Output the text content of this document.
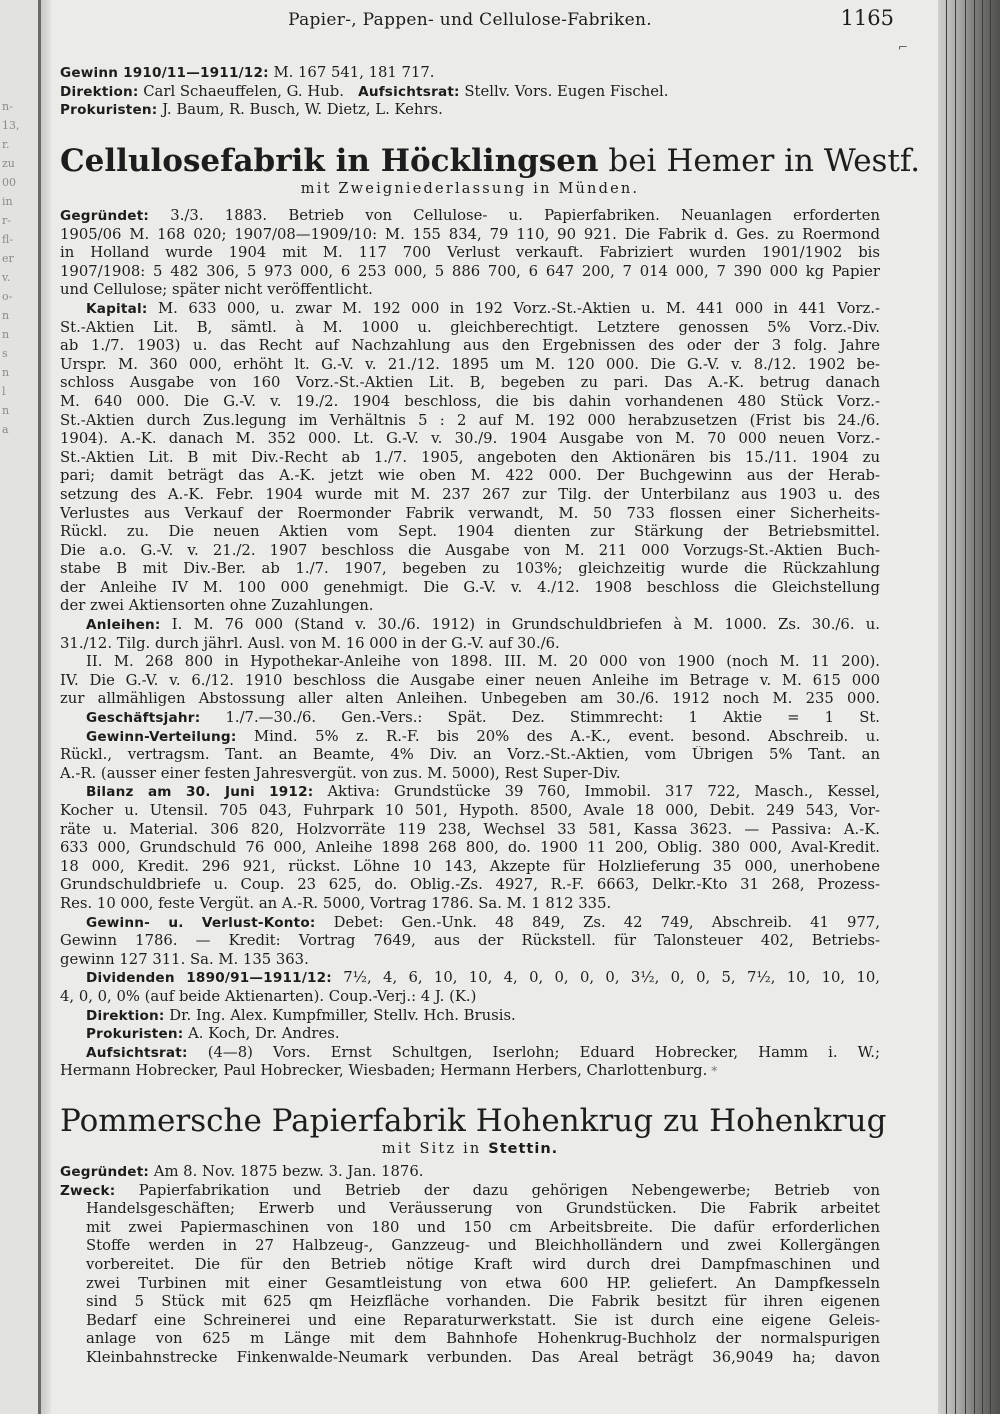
n-
13,
r.
zu
00
in
r-
fl-
er
v.
o-
n
n
s
n
l
n
a
Papier-, Pappen- und Cellulose-Fabriken.	1165
⌐

Gewinn 1910/11—1911/12: M. 167 541, 181 717.

Direktion: Carl Schaeuffelen, G. Hub. Aufsichtsrat: Stellv. Vors. Eugen Fischel.

Prokuristen: J. Baum, R. Busch, W. Dietz, L. Kehrs.

Cellulosefabrik in Höcklingsen bei Hemer in Westf.

mit Zweigniederlassung in Münden.

Gegründet: 3./3. 1883. Betrieb von Cellulose- u. Papierfabriken. Neuanlagen erforderten

1905/06 M. 168 020; 1907/08—1909/10: M. 155 834, 79 110, 90 921. Die Fabrik d. Ges. zu Roermond

in Holland wurde 1904 mit M. 117 700 Verlust verkauft. Fabriziert wurden 1901/1902 bis

1907/1908: 5 482 306, 5 973 000, 6 253 000, 5 886 700, 6 647 200, 7 014 000, 7 390 000 kg Papier

und Cellulose; später nicht veröffentlicht.

Kapital: M. 633 000, u. zwar M. 192 000 in 192 Vorz.-St.-Aktien u. M. 441 000 in 441 Vorz.-

St.-Aktien Lit. B, sämtl. à M. 1000 u. gleichberechtigt. Letztere genossen 5% Vorz.-Div.

ab 1./7. 1903) u. das Recht auf Nachzahlung aus den Ergebnissen des oder der 3 folg. Jahre

Urspr. M. 360 000, erhöht lt. G.-V. v. 21./12. 1895 um M. 120 000. Die G.-V. v. 8./12. 1902 be-

schloss Ausgabe von 160 Vorz.-St.-Aktien Lit. B, begeben zu pari. Das A.-K. betrug danach

M. 640 000. Die G.-V. v. 19./2. 1904 beschloss, die bis dahin vorhandenen 480 Stück Vorz.-

St.-Aktien durch Zus.legung im Verhältnis 5 : 2 auf M. 192 000 herabzusetzen (Frist bis 24./6.

1904). A.-K. danach M. 352 000. Lt. G.-V. v. 30./9. 1904 Ausgabe von M. 70 000 neuen Vorz.-

St.-Aktien Lit. B mit Div.-Recht ab 1./7. 1905, angeboten den Aktionären bis 15./11. 1904 zu

pari; damit beträgt das A.-K. jetzt wie oben M. 422 000. Der Buchgewinn aus der Herab-

setzung des A.-K. Febr. 1904 wurde mit M. 237 267 zur Tilg. der Unterbilanz aus 1903 u. des

Verlustes aus Verkauf der Roermonder Fabrik verwandt, M. 50 733 flossen einer Sicherheits-

Rückl. zu. Die neuen Aktien vom Sept. 1904 dienten zur Stärkung der Betriebsmittel.

Die a.o. G.-V. v. 21./2. 1907 beschloss die Ausgabe von M. 211 000 Vorzugs-St.-Aktien Buch-

stabe B mit Div.-Ber. ab 1./7. 1907, begeben zu 103%; gleichzeitig wurde die Rückzahlung

der Anleihe IV M. 100 000 genehmigt. Die G.-V. v. 4./12. 1908 beschloss die Gleichstellung

der zwei Aktiensorten ohne Zuzahlungen.

Anleihen: I. M. 76 000 (Stand v. 30./6. 1912) in Grundschuldbriefen à M. 1000. Zs. 30./6. u.

31./12. Tilg. durch jährl. Ausl. von M. 16 000 in der G.-V. auf 30./6.

II. M. 268 800 in Hypothekar-Anleihe von 1898. III. M. 20 000 von 1900 (noch M. 11 200).

IV. Die G.-V. v. 6./12. 1910 beschloss die Ausgabe einer neuen Anleihe im Betrage v. M. 615 000

zur allmähligen Abstossung aller alten Anleihen. Unbegeben am 30./6. 1912 noch M. 235 000.

Geschäftsjahr: 1./7.—30./6. Gen.-Vers.: Spät. Dez. Stimmrecht: 1 Aktie = 1 St.

Gewinn-Verteilung: Mind. 5% z. R.-F. bis 20% des A.-K., event. besond. Abschreib. u.

Rückl., vertragsm. Tant. an Beamte, 4% Div. an Vorz.-St.-Aktien, vom Übrigen 5% Tant. an

A.-R. (ausser einer festen Jahresvergüt. von zus. M. 5000), Rest Super-Div.

Bilanz am 30. Juni 1912: Aktiva: Grundstücke 39 760, Immobil. 317 722, Masch., Kessel,

Kocher u. Utensil. 705 043, Fuhrpark 10 501, Hypoth. 8500, Avale 18 000, Debit. 249 543, Vor-

räte u. Material. 306 820, Holzvorräte 119 238, Wechsel 33 581, Kassa 3623. — Passiva: A.-K.

633 000, Grundschuld 76 000, Anleihe 1898 268 800, do. 1900 11 200, Oblig. 380 000, Aval-Kredit.

18 000, Kredit. 296 921, rückst. Löhne 10 143, Akzepte für Holzlieferung 35 000, unerhobene

Grundschuldbriefe u. Coup. 23 625, do. Oblig.-Zs. 4927, R.-F. 6663, Delkr.-Kto 31 268, Prozess-

Res. 10 000, feste Vergüt. an A.-R. 5000, Vortrag 1786. Sa. M. 1 812 335.

Gewinn- u. Verlust-Konto: Debet: Gen.-Unk. 48 849, Zs. 42 749, Abschreib. 41 977,

Gewinn 1786. — Kredit: Vortrag 7649, aus der Rückstell. für Talonsteuer 402, Betriebs-

gewinn 127 311. Sa. M. 135 363.

Dividenden 1890/91—1911/12: 7½, 4, 6, 10, 10, 4, 0, 0, 0, 0, 3½, 0, 0, 5, 7½, 10, 10, 10,

4, 0, 0, 0% (auf beide Aktienarten). Coup.-Verj.: 4 J. (K.)

Direktion: Dr. Ing. Alex. Kumpfmiller, Stellv. Hch. Brusis.

Prokuristen: A. Koch, Dr. Andres.

Aufsichtsrat: (4—8) Vors. Ernst Schultgen, Iserlohn; Eduard Hobrecker, Hamm i. W.;

Hermann Hobrecker, Paul Hobrecker, Wiesbaden; Hermann Herbers, Charlottenburg. *

Pommersche Papierfabrik Hohenkrug zu Hohenkrug

mit Sitz in Stettin.

Gegründet: Am 8. Nov. 1875 bezw. 3. Jan. 1876.

Zweck: Papierfabrikation und Betrieb der dazu gehörigen Nebengewerbe; Betrieb von

Handelsgeschäften; Erwerb und Veräusserung von Grundstücken. Die Fabrik arbeitet

mit zwei Papiermaschinen von 180 und 150 cm Arbeitsbreite. Die dafür erforderlichen

Stoffe werden in 27 Halbzeug-, Ganzzeug- und Bleichholländern und zwei Kollergängen

vorbereitet. Die für den Betrieb nötige Kraft wird durch drei Dampfmaschinen und

zwei Turbinen mit einer Gesamtleistung von etwa 600 HP. geliefert. An Dampfkesseln

sind 5 Stück mit 625 qm Heizfläche vorhanden. Die Fabrik besitzt für ihren eigenen

Bedarf eine Schreinerei und eine Reparaturwerkstatt. Sie ist durch eine eigene Geleis-

anlage von 625 m Länge mit dem Bahnhofe Hohenkrug-Buchholz der normalspurigen

Kleinbahnstrecke Finkenwalde-Neumark verbunden. Das Areal beträgt 36,9049 ha; davon
